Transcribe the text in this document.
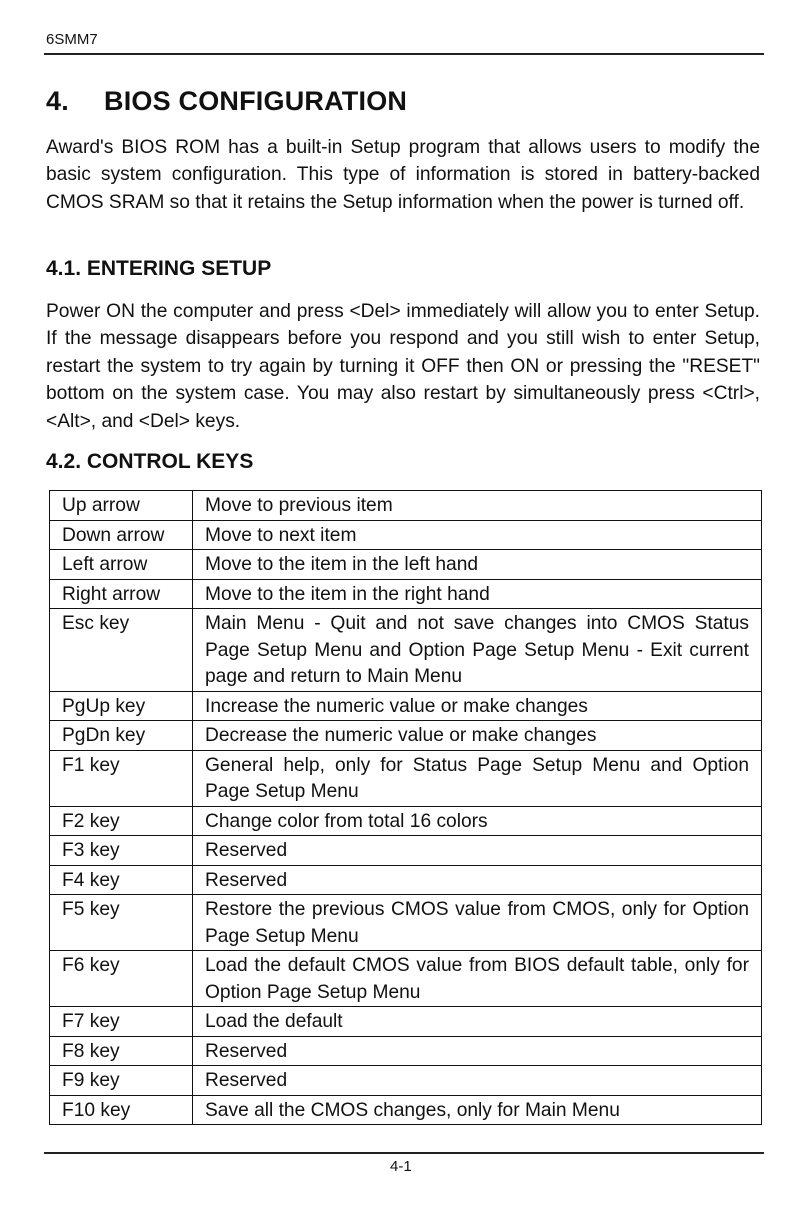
6SMM7
4. BIOS CONFIGURATION
Award's BIOS ROM has a built-in Setup program that allows users to modify the basic system configuration. This type of information is stored in battery-backed CMOS SRAM so that it retains the Setup information when the power is turned off.
4.1. ENTERING SETUP
Power ON the computer and press <Del> immediately will allow you to enter Setup. If the message disappears before you respond and you still wish to enter Setup, restart the system to try again by turning it OFF then ON or pressing the "RESET" bottom on the system case. You may also restart by simultaneously press <Ctrl>, <Alt>, and <Del> keys.
4.2. CONTROL KEYS
Up arrow	Move to previous item
Down arrow	Move to next item
Left arrow	Move to the item in the left hand
Right arrow	Move to the item in the right hand
Esc key	Main Menu - Quit and not save changes into CMOS Status Page Setup Menu and Option Page Setup Menu - Exit current page and return to Main Menu
PgUp key	Increase the numeric value or make changes
PgDn key	Decrease the numeric value or make changes
F1 key	General help, only for Status Page Setup Menu and Option Page Setup Menu
F2 key	Change color from total 16 colors
F3 key	Reserved
F4 key	Reserved
F5 key	Restore the previous CMOS value from CMOS, only for Option Page Setup Menu
F6 key	Load the default CMOS value from BIOS default table, only for Option Page Setup Menu
F7 key	Load the default
F8 key	Reserved
F9 key	Reserved
F10 key	Save all the CMOS changes, only for Main Menu
4-1
